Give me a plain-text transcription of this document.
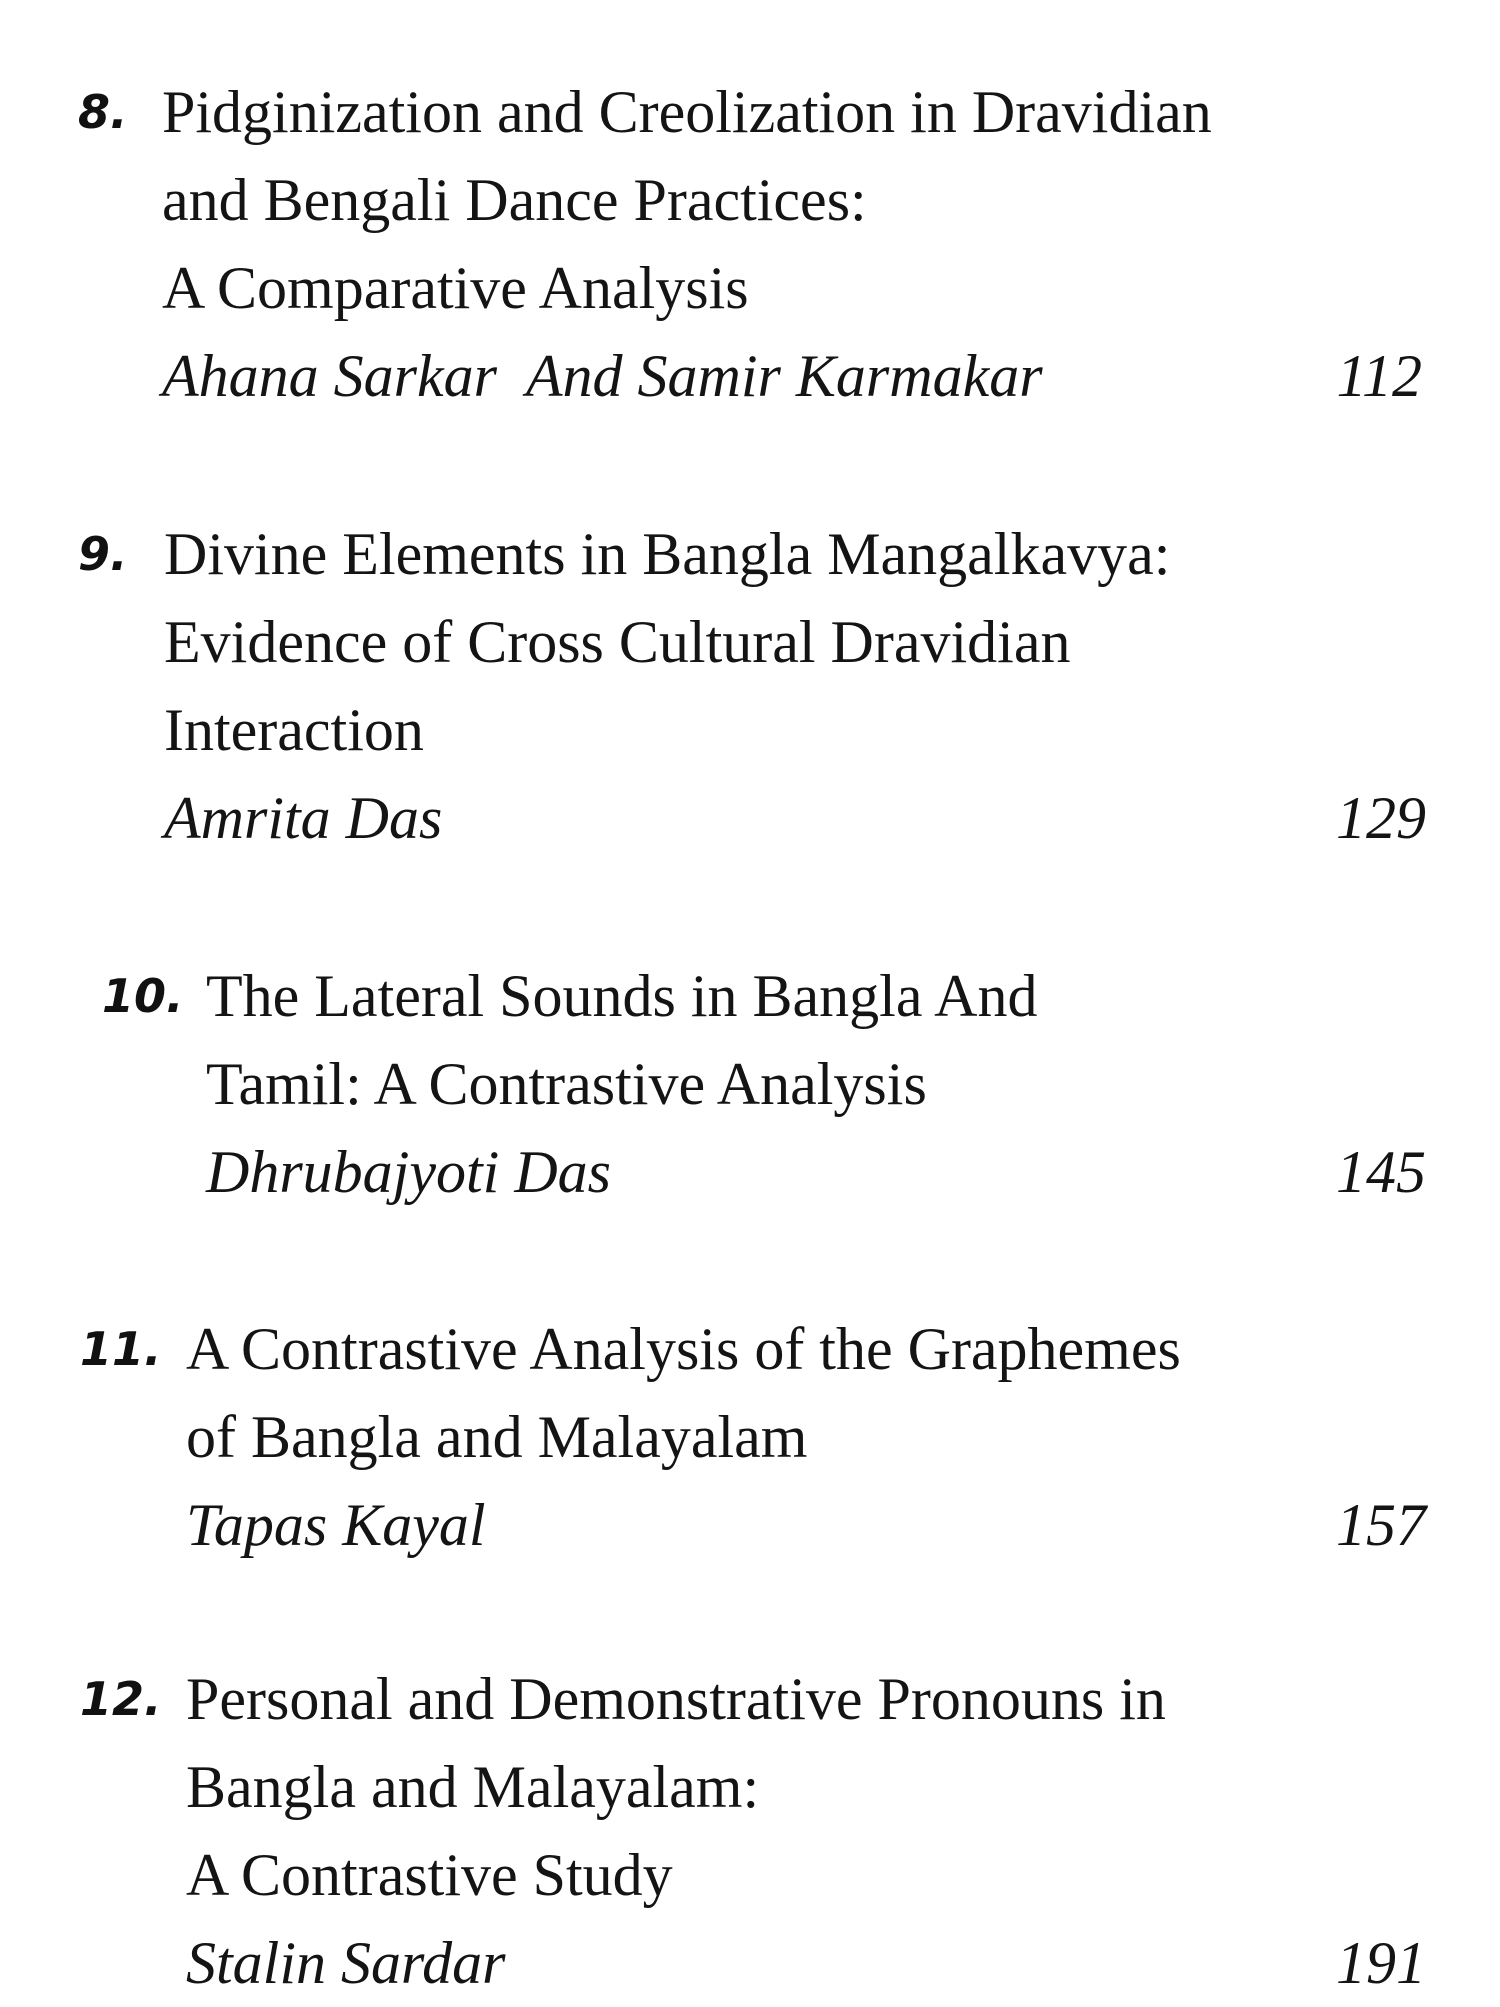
8. Pidginization and Creolization in Dravidian
and Bengali Dance Practices:
A Comparative Analysis
Ahana Sarkar  And Samir Karmakar	112
9. Divine Elements in Bangla Mangalkavya:
Evidence of Cross Cultural Dravidian
Interaction
Amrita Das	129
10. The Lateral Sounds in Bangla And
Tamil: A Contrastive Analysis
Dhrubajyoti Das	145
11. A Contrastive Analysis of the Graphemes
of Bangla and Malayalam
Tapas Kayal	157
12. Personal and Demonstrative Pronouns in
Bangla and Malayalam:
A Contrastive Study
Stalin Sardar	191
